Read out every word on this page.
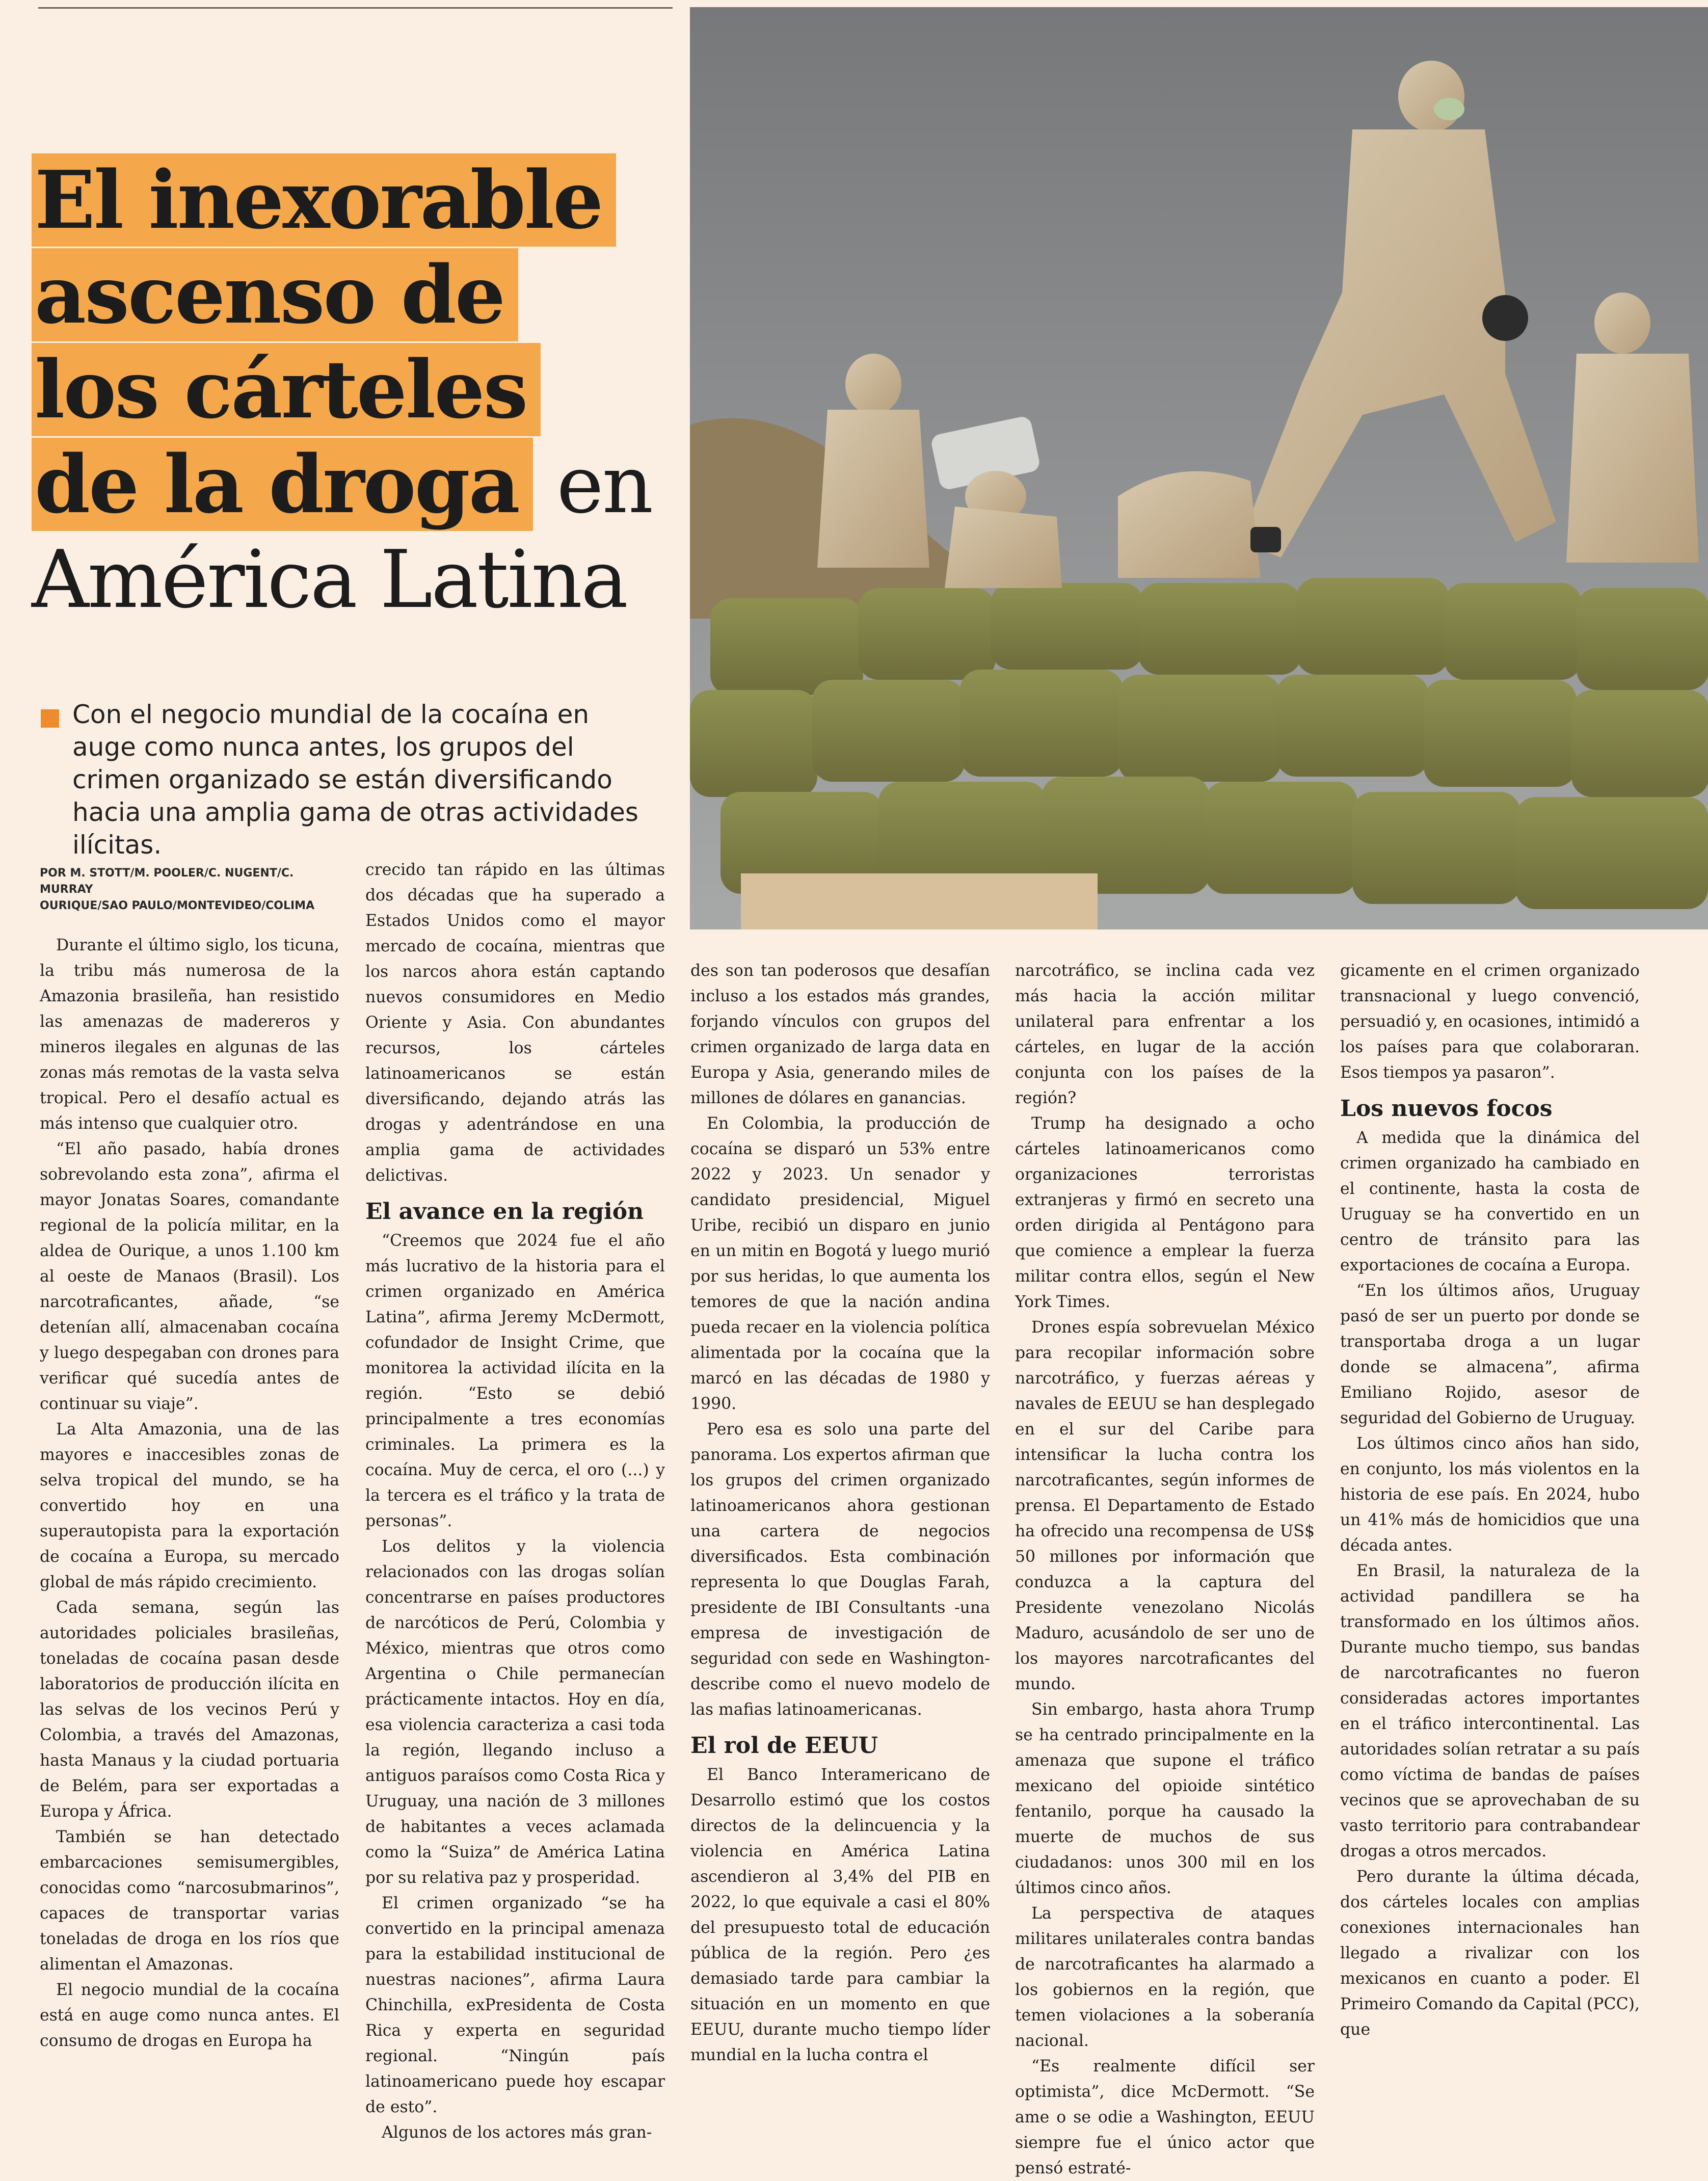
El inexorable
ascenso de
los cárteles
de la droga en
América Latina
Con el negocio mundial de la cocaína en auge como nunca antes, los grupos del crimen organizado se están diversificando hacia una amplia gama de otras actividades ilícitas.
POR M. STOTT/M. POOLER/C. NUGENT/C. MURRAY
OURIQUE/SAO PAULO/MONTEVIDEO/COLIMA

Durante el último siglo, los ticuna, la tribu más numerosa de la Amazonia brasileña, han resistido las amenazas de madereros y mineros ilegales en algunas de las zonas más remotas de la vasta selva tropical. Pero el desafío actual es más intenso que cualquier otro.

“El año pasado, había drones sobrevolando esta zona”, afirma el mayor Jonatas Soares, comandante regional de la policía militar, en la aldea de Ourique, a unos 1.100 km al oeste de Manaos (Brasil). Los narcotraficantes, añade, “se detenían allí, almacenaban cocaína y luego despegaban con drones para verificar qué sucedía antes de continuar su viaje”.

La Alta Amazonia, una de las mayores e inaccesibles zonas de selva tropical del mundo, se ha convertido hoy en una superautopista para la exportación de cocaína a Europa, su mercado global de más rápido crecimiento.

Cada semana, según las autoridades policiales brasileñas, toneladas de cocaína pasan desde laboratorios de producción ilícita en las selvas de los vecinos Perú y Colombia, a través del Amazonas, hasta Manaus y la ciudad portuaria de Belém, para ser exportadas a Europa y África.

También se han detectado embarcaciones semisumergibles, conocidas como “narcosubmarinos”, capaces de transportar varias toneladas de droga en los ríos que alimentan el Amazonas.

El negocio mundial de la cocaína está en auge como nunca antes. El consumo de drogas en Europa ha

crecido tan rápido en las últimas dos décadas que ha superado a Estados Unidos como el mayor mercado de cocaína, mientras que los narcos ahora están captando nuevos consumidores en Medio Oriente y Asia. Con abundantes recursos, los cárteles latinoamericanos se están diversificando, dejando atrás las drogas y adentrándose en una amplia gama de actividades delictivas.

El avance en la región

“Creemos que 2024 fue el año más lucrativo de la historia para el crimen organizado en América Latina”, afirma Jeremy McDermott, cofundador de Insight Crime, que monitorea la actividad ilícita en la región. “Esto se debió principalmente a tres economías criminales. La primera es la cocaína. Muy de cerca, el oro (...) y la tercera es el tráfico y la trata de personas”.

Los delitos y la violencia relacionados con las drogas solían concentrarse en países productores de narcóticos de Perú, Colombia y México, mientras que otros como Argentina o Chile permanecían prácticamente intactos. Hoy en día, esa violencia caracteriza a casi toda la región, llegando incluso a antiguos paraísos como Costa Rica y Uruguay, una nación de 3 millones de habitantes a veces aclamada como la “Suiza” de América Latina por su relativa paz y prosperidad.

El crimen organizado “se ha convertido en la principal amenaza para la estabilidad institucional de nuestras naciones”, afirma Laura Chinchilla, exPresidenta de Costa Rica y experta en seguridad regional. “Ningún país latinoamericano puede hoy escapar de esto”.

Algunos de los actores más gran-

des son tan poderosos que desafían incluso a los estados más grandes, forjando vínculos con grupos del crimen organizado de larga data en Europa y Asia, generando miles de millones de dólares en ganancias.

En Colombia, la producción de cocaína se disparó un 53% entre 2022 y 2023. Un senador y candidato presidencial, Miguel Uribe, recibió un disparo en junio en un mitin en Bogotá y luego murió por sus heridas, lo que aumenta los temores de que la nación andina pueda recaer en la violencia política alimentada por la cocaína que la marcó en las décadas de 1980 y 1990.

Pero esa es solo una parte del panorama. Los expertos afirman que los grupos del crimen organizado latinoamericanos ahora gestionan una cartera de negocios diversificados. Esta combinación representa lo que Douglas Farah, presidente de IBI Consultants -una empresa de investigación de seguridad con sede en Washington- describe como el nuevo modelo de las mafias latinoamericanas.

El rol de EEUU

El Banco Interamericano de Desarrollo estimó que los costos directos de la delincuencia y la violencia en América Latina ascendieron al 3,4% del PIB en 2022, lo que equivale a casi el 80% del presupuesto total de educación pública de la región. Pero ¿es demasiado tarde para cambiar la situación en un momento en que EEUU, durante mucho tiempo líder mundial en la lucha contra el

narcotráfico, se inclina cada vez más hacia la acción militar unilateral para enfrentar a los cárteles, en lugar de la acción conjunta con los países de la región?

Trump ha designado a ocho cárteles latinoamericanos como organizaciones terroristas extranjeras y firmó en secreto una orden dirigida al Pentágono para que comience a emplear la fuerza militar contra ellos, según el New York Times.

Drones espía sobrevuelan México para recopilar información sobre narcotráfico, y fuerzas aéreas y navales de EEUU se han desplegado en el sur del Caribe para intensificar la lucha contra los narcotraficantes, según informes de prensa. El Departamento de Estado ha ofrecido una recompensa de US$ 50 millones por información que conduzca a la captura del Presidente venezolano Nicolás Maduro, acusándolo de ser uno de los mayores narcotraficantes del mundo.

Sin embargo, hasta ahora Trump se ha centrado principalmente en la amenaza que supone el tráfico mexicano del opioide sintético fentanilo, porque ha causado la muerte de muchos de sus ciudadanos: unos 300 mil en los últimos cinco años.

La perspectiva de ataques militares unilaterales contra bandas de narcotraficantes ha alarmado a los gobiernos en la región, que temen violaciones a la soberanía nacional.

“Es realmente difícil ser optimista”, dice McDermott. “Se ame o se odie a Washington, EEUU siempre fue el único actor que pensó estraté-

gicamente en el crimen organizado transnacional y luego convenció, persuadió y, en ocasiones, intimidó a los países para que colaboraran. Esos tiempos ya pasaron”.

Los nuevos focos

A medida que la dinámica del crimen organizado ha cambiado en el continente, hasta la costa de Uruguay se ha convertido en un centro de tránsito para las exportaciones de cocaína a Europa.

“En los últimos años, Uruguay pasó de ser un puerto por donde se transportaba droga a un lugar donde se almacena”, afirma Emiliano Rojido, asesor de seguridad del Gobierno de Uruguay.

Los últimos cinco años han sido, en conjunto, los más violentos en la historia de ese país. En 2024, hubo un 41% más de homicidios que una década antes.

En Brasil, la naturaleza de la actividad pandillera se ha transformado en los últimos años. Durante mucho tiempo, sus bandas de narcotraficantes no fueron consideradas actores importantes en el tráfico intercontinental. Las autoridades solían retratar a su país como víctima de bandas de países vecinos que se aprovechaban de su vasto territorio para contrabandear drogas a otros mercados.

Pero durante la última década, dos cárteles locales con amplias conexiones internacionales han llegado a rivalizar con los mexicanos en cuanto a poder. El Primeiro Comando da Capital (PCC), que
